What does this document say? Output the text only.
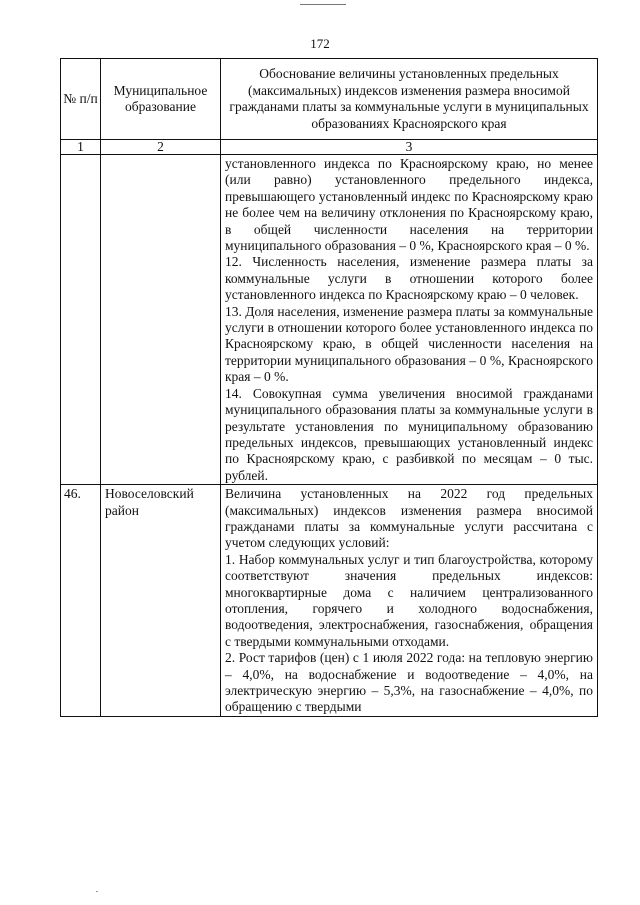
172
№ п/п	Муниципальное образование	Обоснование величины установленных предельных (максимальных) индексов изменения размера вносимой гражданами платы за коммунальные услуги в муниципальных образованиях Красноярского края
1	2	3

		установленного индекса по Красноярскому краю, но менее (или равно) установленного предельного индекса, превышающего установленный индекс по Красноярскому краю не более чем на величину отклонения по Красноярскому краю, в общей численности населения на территории муниципального образования – 0 %, Красноярского края – 0 %.
12. Численность населения, изменение размера платы за коммунальные услуги в отношении которого более установленного индекса по Красноярскому краю – 0 человек.
13. Доля населения, изменение размера платы за коммунальные услуги в отношении которого более установленного индекса по Красноярскому краю, в общей численности населения на территории муниципального образования – 0 %, Красноярского края – 0 %.
14. Совокупная сумма увеличения вносимой гражданами муниципального образования платы за коммунальные услуги в результате установления по муниципальному образованию предельных индексов, превышающих установленный индекс по Красноярскому краю, с разбивкой по месяцам – 0 тыс. рублей.

46.	Новоселовский район	Величина установленных на 2022 год предельных (максимальных) индексов изменения размера вносимой гражданами платы за коммунальные услуги рассчитана с учетом следующих условий:
1. Набор коммунальных услуг и тип благоустройства, которому соответствуют значения предельных индексов: многоквартирные дома с наличием централизованного отопления, горячего и холодного водоснабжения, водоотведения, электроснабжения, газоснабжения, обращения с твердыми коммунальными отходами.
2. Рост тарифов (цен) с 1 июля 2022 года: на тепловую энергию – 4,0%, на водоснабжение и водоотведение – 4,0%, на электрическую энергию – 5,3%, на газоснабжение – 4,0%, по обращению с твердыми
